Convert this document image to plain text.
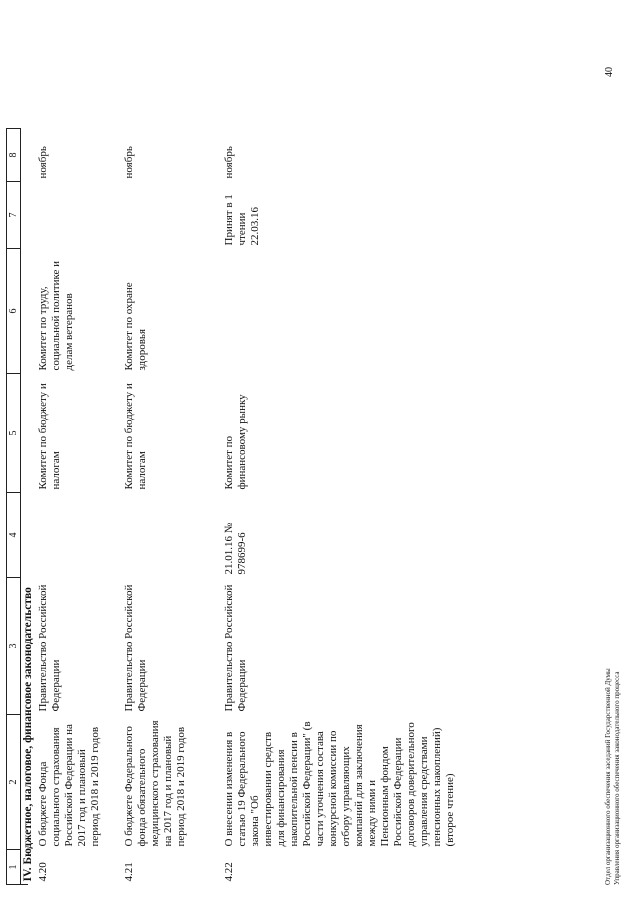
1	2	3	4	5	6	7	8
IV. Бюджетное, налоговое, финансовое законодательство							
4.20	О бюджете Фонда социального страхования Российской Федерации на 2017 год и плановый период 2018 и 2019 годов	Правительство Российской Федерации		Комитет по бюджету и налогам	Комитет по труду, социальной политике и делам ветеранов		ноябрь
4.21	О бюджете Федерального фонда обязательного медицинского страхования на 2017 год и плановый период 2018 и 2019 годов	Правительство Российской Федерации		Комитет по бюджету и налогам	Комитет по охране здоровья		ноябрь
4.22	О внесении изменения в статью 19 Федерального закона "Об инвестировании средств для финансирования накопительной пенсии в Российской Федерации" (в части уточнения состава конкурсной комиссии по отбору управляющих компаний для заключения между ними и Пенсионным фондом Российской Федерации договоров доверительного управления средствами пенсионных накоплений) (второе чтение)	Правительство Российской Федерации	21.01.16 № 978699-6	Комитет по финансовому рынку		Принят в 1 чтении 22.03.16	ноябрь
Отдел организационного обеспечения заседаний Государственной Думы Управления организационного обеспечения законодательного процесса
40
